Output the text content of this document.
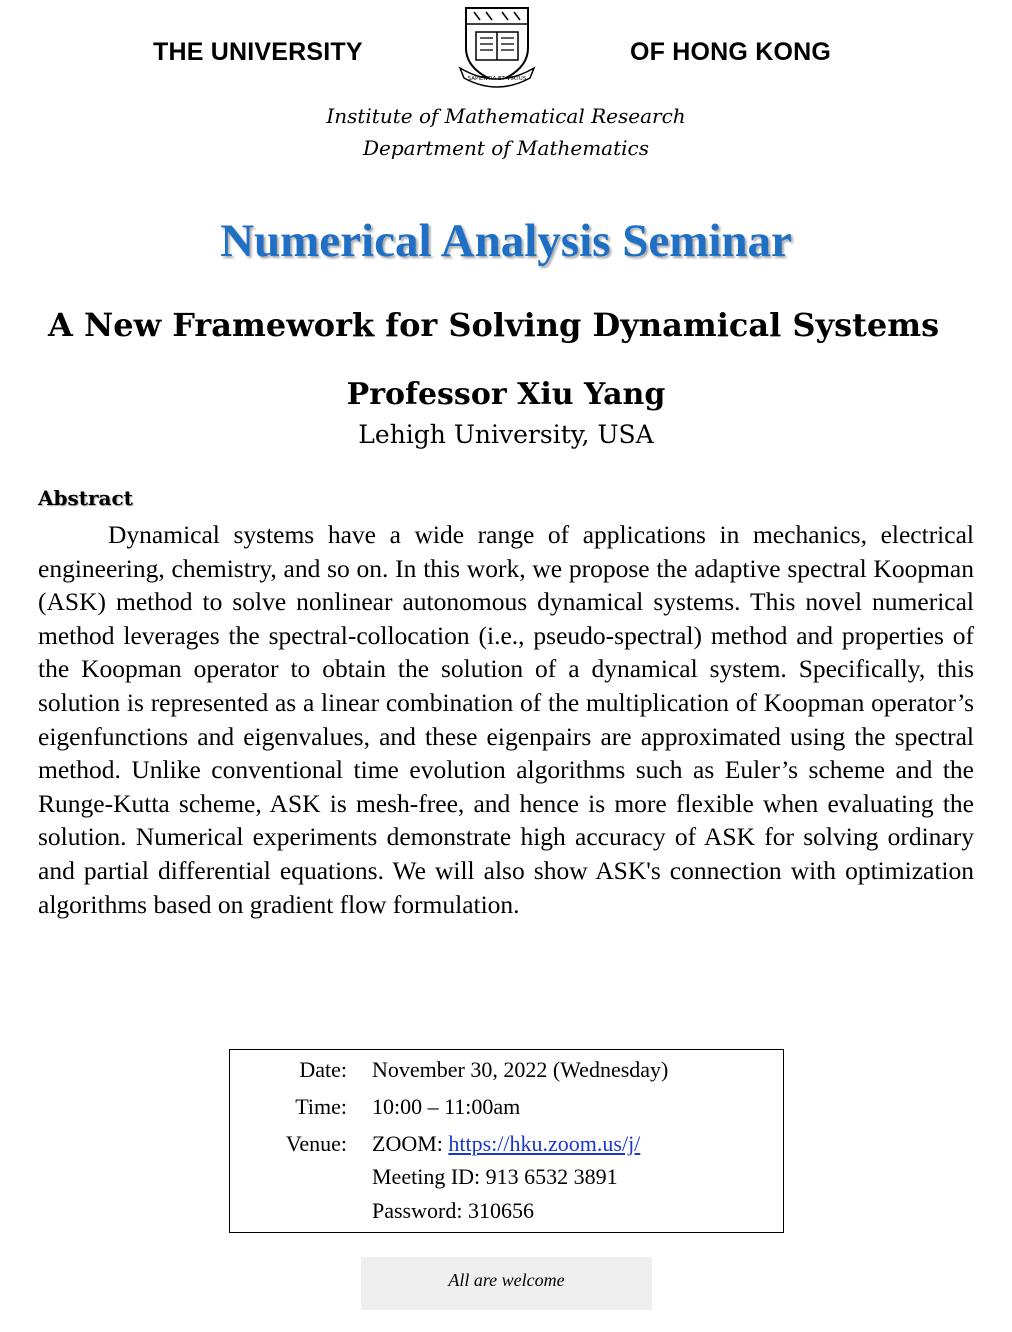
THE UNIVERSITY
SAPIENTIA ET VIRTUS
OF HONG KONG
Institute of Mathematical Research
Department of Mathematics
Numerical Analysis Seminar
A New Framework for Solving Dynamical Systems
Professor Xiu Yang
Lehigh University, USA
Abstract
Dynamical systems have a wide range of applications in mechanics, electrical engineering, chemistry, and so on. In this work, we propose the adaptive spectral Koopman (ASK) method to solve nonlinear autonomous dynamical systems. This novel numerical method leverages the spectral-collocation (i.e., pseudo-spectral) method and properties of the Koopman operator to obtain the solution of a dynamical system. Specifically, this solution is represented as a linear combination of the multiplication of Koopman operator’s eigenfunctions and eigenvalues, and these eigenpairs are approximated using the spectral method. Unlike conventional time evolution algorithms such as Euler’s scheme and the Runge-Kutta scheme, ASK is mesh-free, and hence is more flexible when evaluating the solution. Numerical experiments demonstrate high accuracy of ASK for solving ordinary and partial differential equations. We will also show ASK's connection with optimization algorithms based on gradient flow formulation.
Date: November 30, 2022 (Wednesday)
Time: 10:00 – 11:00am
Venue: ZOOM: https://hku.zoom.us/j/
Meeting ID: 913 6532 3891
Password: 310656
All are welcome
